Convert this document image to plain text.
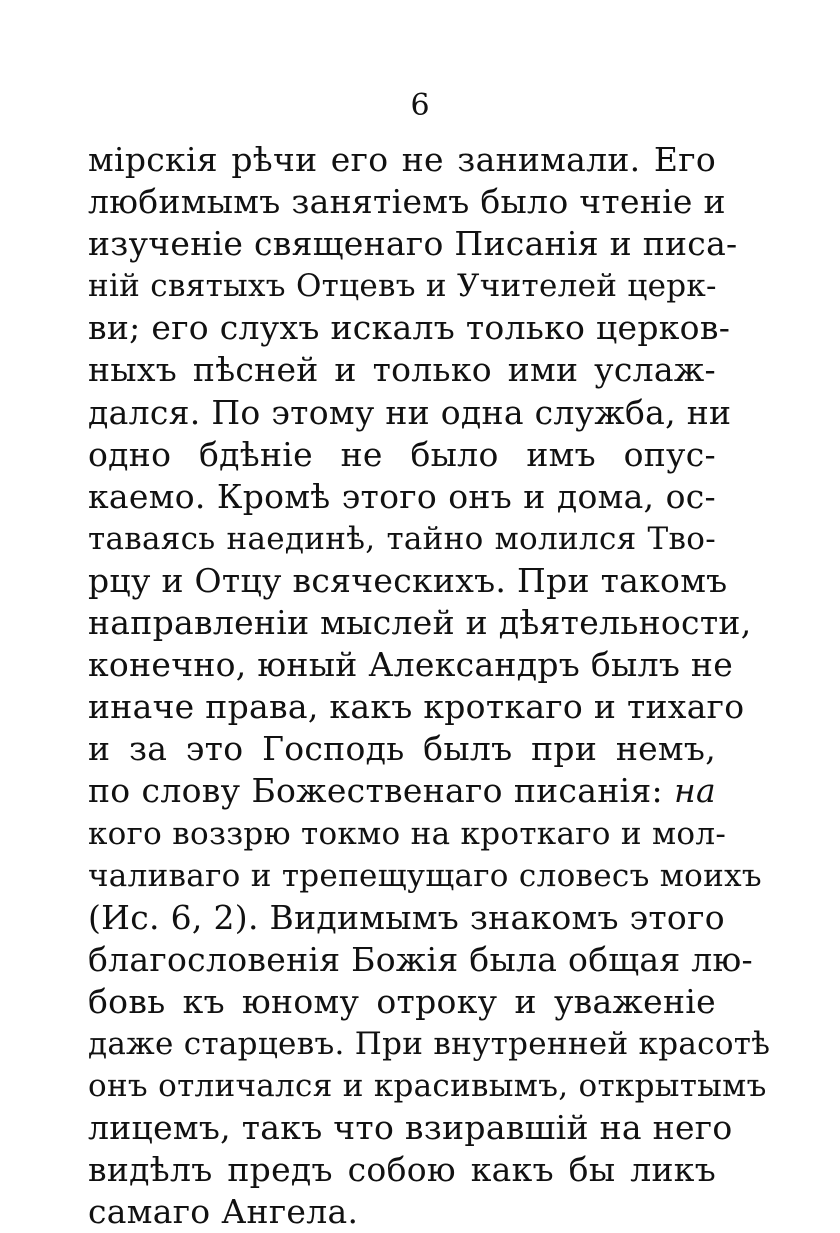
6
мірскія рѣчи его не занимали. Его
любимымъ занятіемъ было чтеніе и
изученіе священаго Писанія и писа-
ній святыхъ Отцевъ и Учителей церк-
ви; его слухъ искалъ только церков-
ныхъ пѣсней и только ими услаж-
дался. По этому ни одна служба, ни
одно бдѣніе не было имъ опус-
каемо. Кромѣ этого онъ и дома, ос-
таваясь наединѣ, тайно молился Тво-
рцу и Отцу всяческихъ. При такомъ
направленіи мыслей и дѣятельности,
конечно, юный Александръ былъ не
иначе права, какъ кроткаго и тихаго
и за это Господь былъ при немъ,
по слову Божественаго писанія: на
кого воззрю токмо на кроткаго и мол-
чаливаго и трепещущаго словесъ моихъ
(Ис. 6, 2). Видимымъ знакомъ этого
благословенія Божія была общая лю-
бовь къ юному отроку и уваженіе
даже старцевъ. При внутренней красотѣ
онъ отличался и красивымъ, открытымъ
лицемъ, такъ что взиравшій на него
видѣлъ предъ собою какъ бы ликъ
самаго Ангела.
